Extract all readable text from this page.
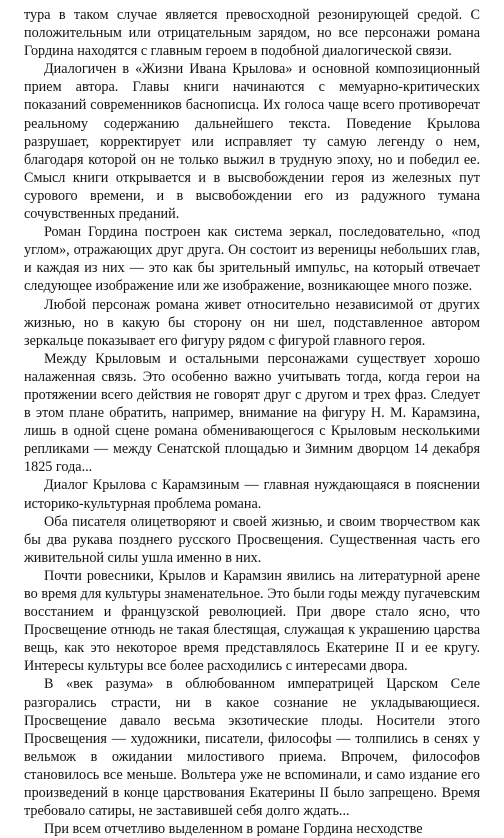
тура в таком случае является превосходной резонирующей средой. С положительным или отрицательным зарядом, но все персонажи романа Гордина находятся с главным героем в подобной диалогической связи.

Диалогичен в «Жизни Ивана Крылова» и основной композиционный прием автора. Главы книги начинаются с мемуарно-критических показаний современников баснописца. Их голоса чаще всего противоречат реальному содержанию дальнейшего текста. Поведение Крылова разрушает, корректирует или исправляет ту самую легенду о нем, благодаря которой он не только выжил в трудную эпоху, но и победил ее. Смысл книги открывается и в высвобождении героя из железных пут сурового времени, и в высвобождении его из радужного тумана сочувственных преданий.

Роман Гордина построен как система зеркал, последовательно, «под углом», отражающих друг друга. Он состоит из вереницы небольших глав, и каждая из них — это как бы зрительный импульс, на который отвечает следующее изображение или же изображение, возникающее много позже.

Любой персонаж романа живет относительно независимой от других жизнью, но в какую бы сторону он ни шел, подставленное автором зеркальце показывает его фигуру рядом с фигурой главного героя.

Между Крыловым и остальными персонажами существует хорошо налаженная связь. Это особенно важно учитывать тогда, когда герои на протяжении всего действия не говорят друг с другом и трех фраз. Следует в этом плане обратить, например, внимание на фигуру Н. М. Карамзина, лишь в одной сцене романа обменивающегося с Крыловым несколькими репликами — между Сенатской площадью и Зимним дворцом 14 декабря 1825 года...

Диалог Крылова с Карамзиным — главная нуждающаяся в пояснении историко-культурная проблема романа.

Оба писателя олицетворяют и своей жизнью, и своим творчеством как бы два рукава позднего русского Просвещения. Существенная часть его живительной силы ушла именно в них.

Почти ровесники, Крылов и Карамзин явились на литературной арене во время для культуры знаменательное. Это были годы между пугачевским восстанием и французской революцией. При дворе стало ясно, что Просвещение отнюдь не такая блестящая, служащая к украшению царства вещь, как это некоторое время представлялось Екатерине II и ее кругу. Интересы культуры все более расходились с интересами двора.

В «век разума» в облюбованном императрицей Царском Селе разгорались страсти, ни в какое сознание не укладывающиеся. Просвещение давало весьма экзотические плоды. Носители этого Просвещения — художники, писатели, философы — толпились в сенях у вельмож в ожидании милостивого приема. Впрочем, философов становилось все меньше. Вольтера уже не вспоминали, и само издание его произведений в конце царствования Екатерины II было запрещено. Время требовало сатиры, не заставившей себя долго ждать...

При всем отчетливо выделенном в романе Гордина несходстве
